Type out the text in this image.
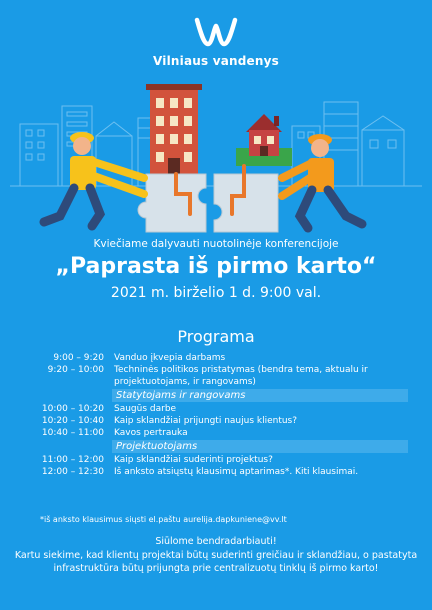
Vilniaus vandenys
Kviečiame dalyvauti nuotolinėje konferencijoje
„Paprasta iš pirmo karto“
2021 m. birželio 1 d. 9:00 val.
Programa
9:00 – 9:20	Vanduo įkvepia darbams
9:20 – 10:00	Techninės politikos pristatymas (bendra tema, aktualu ir projektuotojams, ir rangovams)
Statytojams ir rangovams
10:00 – 10:20	Saugūs darbe
10:20 – 10:40	Kaip sklandžiai prijungti naujus klientus?
10:40 – 11:00	Kavos pertrauka
Projektuotojams
11:00 – 12:00	Kaip sklandžiai suderinti projektus?
12:00 – 12:30	Iš anksto atsiųstų klausimų aptarimas*. Kiti klausimai.
*iš anksto klausimus siųsti el.paštu aurelija.dapkuniene@vv.lt
Siūlome bendradarbiauti!
Kartu siekime, kad klientų projektai būtų suderinti greičiau ir sklandžiau, o pastatyta infrastruktūra būtų prijungta prie centralizuotų tinklų iš pirmo karto!
